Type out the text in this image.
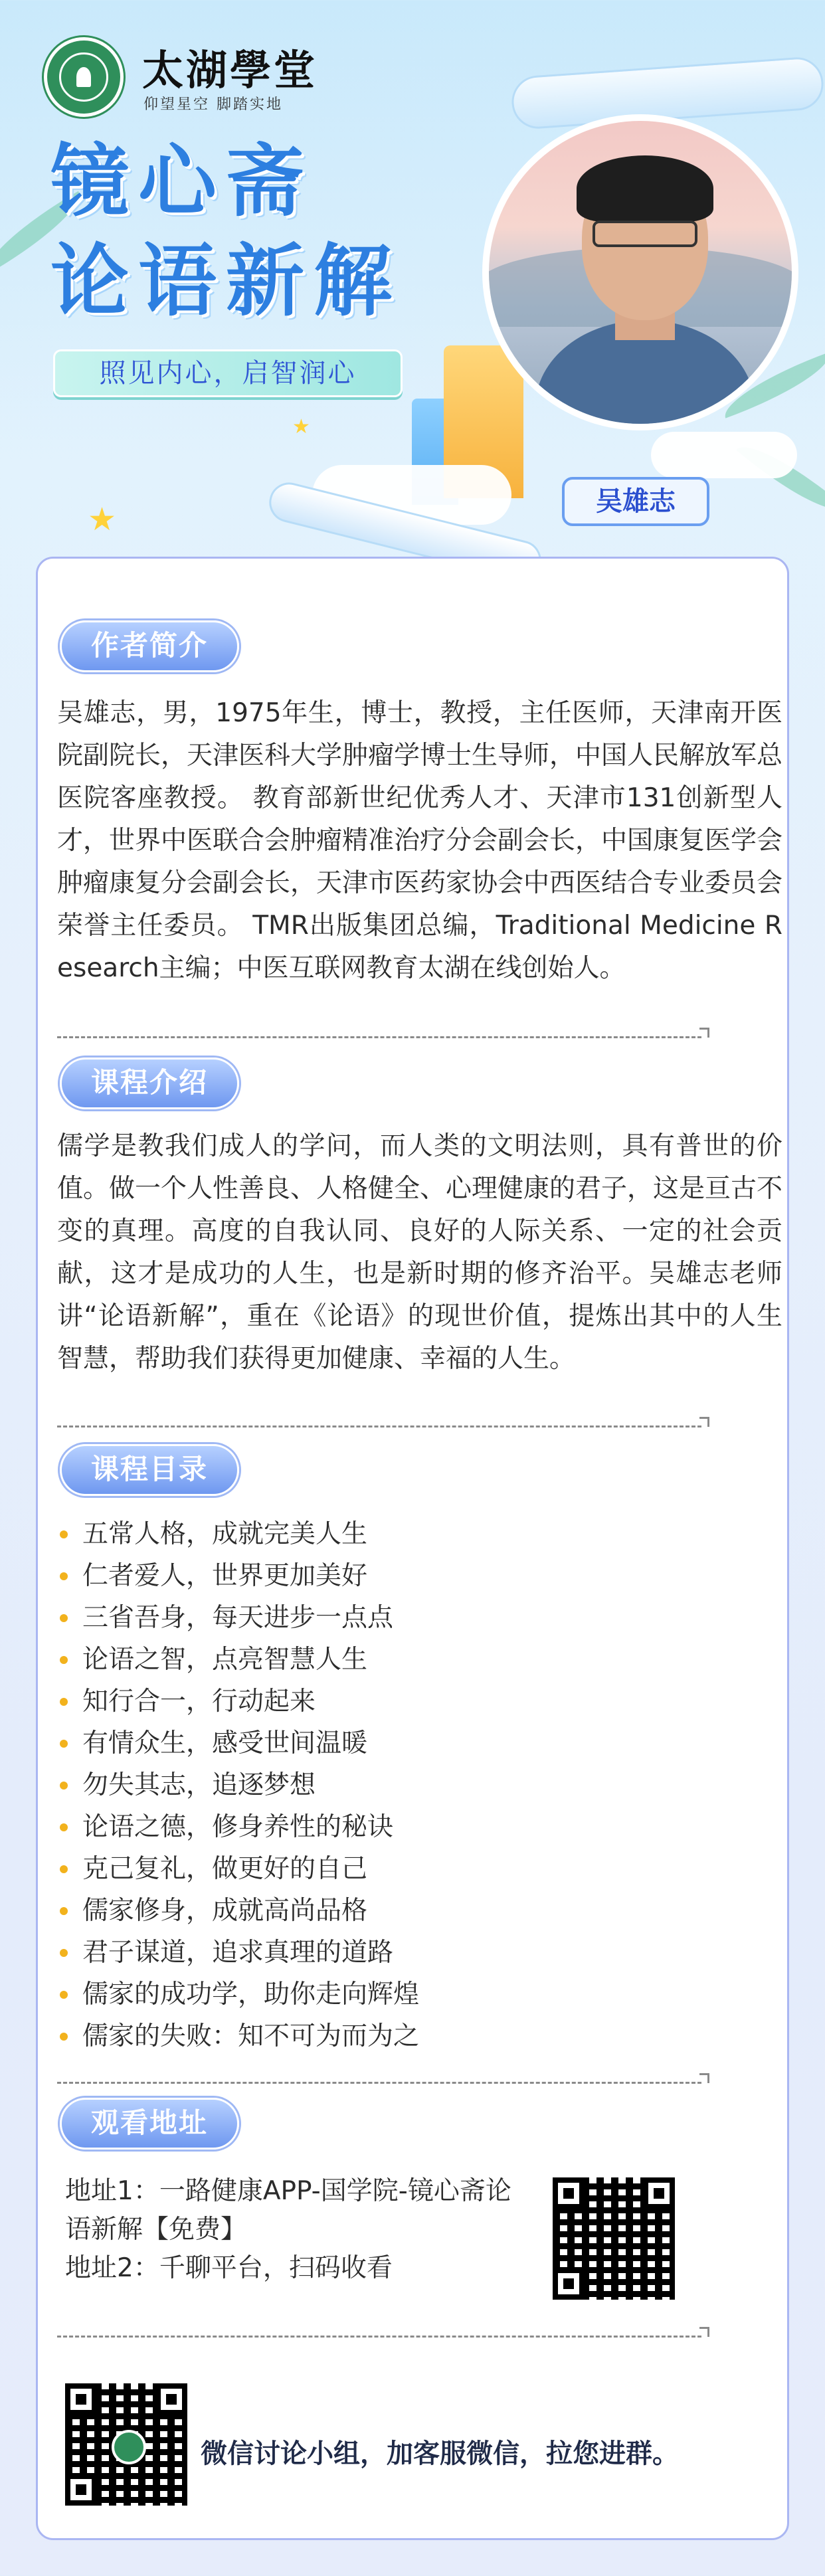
★
★
太湖學堂
仰望星空 脚踏实地
镜心斋
论语新解
照见内心，启智润心
吴雄志
作者简介
吴雄志，男，1975年生，博士，教授，主任医师，天津南开医院副院长，天津医科大学肿瘤学博士生导师，中国人民解放军总医院客座教授。 教育部新世纪优秀人才、天津市131创新型人才，世界中医联合会肿瘤精准治疗分会副会长，中国康复医学会肿瘤康复分会副会长，天津市医药家协会中西医结合专业委员会荣誉主任委员。 TMR出版集团总编，Traditional Medicine Research主编；中医互联网教育太湖在线创始人。
课程介绍
儒学是教我们成人的学问，而人类的文明法则，具有普世的价值。做一个人性善良、人格健全、心理健康的君子，这是亘古不变的真理。高度的自我认同、良好的人际关系、一定的社会贡献，这才是成功的人生，也是新时期的修齐治平。吴雄志老师讲“论语新解”，重在《论语》的现世价值，提炼出其中的人生智慧，帮助我们获得更加健康、幸福的人生。
课程目录
五常人格，成就完美人生
仁者爱人，世界更加美好
三省吾身，每天进步一点点
论语之智，点亮智慧人生
知行合一，行动起来
有情众生，感受世间温暖
勿失其志，追逐梦想
论语之德，修身养性的秘诀
克己复礼，做更好的自己
儒家修身，成就高尚品格
君子谋道，追求真理的道路
儒家的成功学，助你走向辉煌
儒家的失败：知不可为而为之
观看地址
地址1：一路健康APP-国学院-镜心斋论语新解【免费】
地址2：千聊平台，扫码收看
微信讨论小组，加客服微信，拉您进群。
